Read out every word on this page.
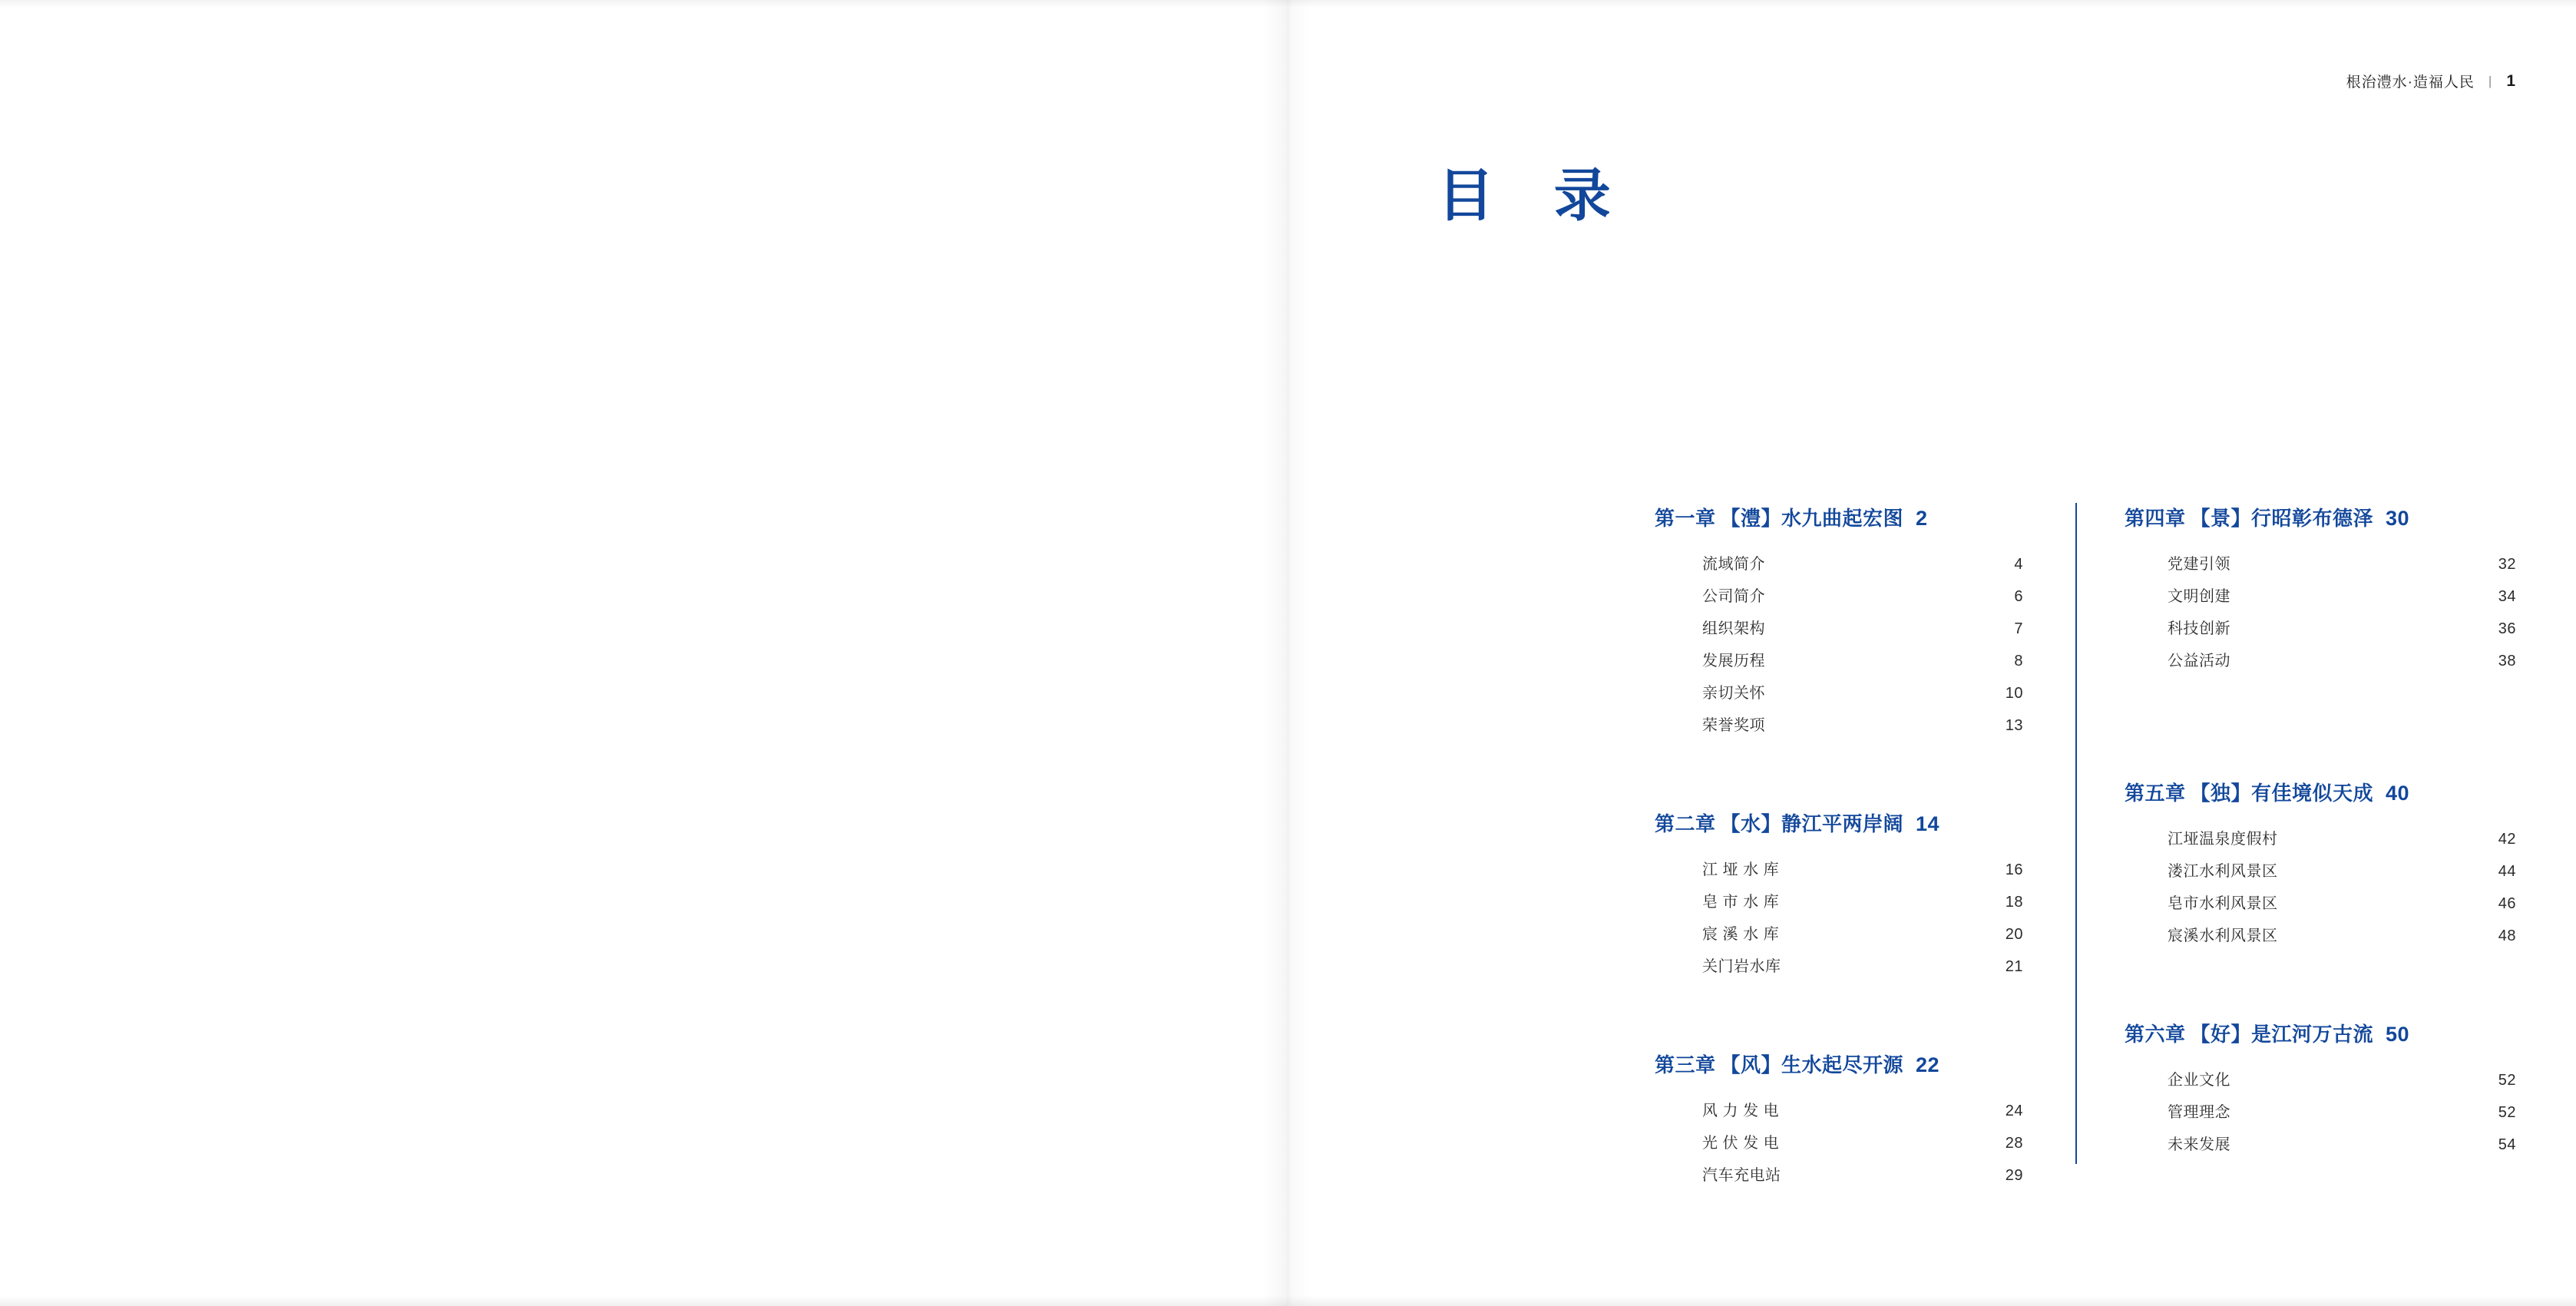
根治澧水·造福人民 | 1
目 录
第一章 【澧】水九曲起宏图 2
流域简介	4
公司简介	6
组织架构	7
发展历程	8
亲切关怀	10
荣誉奖项	13
第二章 【水】静江平两岸阔 14
江 垭 水 库	16
皂 市 水 库	18
宸 溪 水 库	20
关门岩水库	21
第三章 【风】生水起尽开源 22
风 力 发 电	24
光 伏 发 电	28
汽车充电站	29
第四章 【景】行昭彰布德泽 30
党建引领	32
文明创建	34
科技创新	36
公益活动	38
第五章 【独】有佳境似天成 40
江垭温泉度假村	42
溇江水利风景区	44
皂市水利风景区	46
宸溪水利风景区	48
第六章 【好】是江河万古流 50
企业文化	52
管理理念	52
未来发展	54
